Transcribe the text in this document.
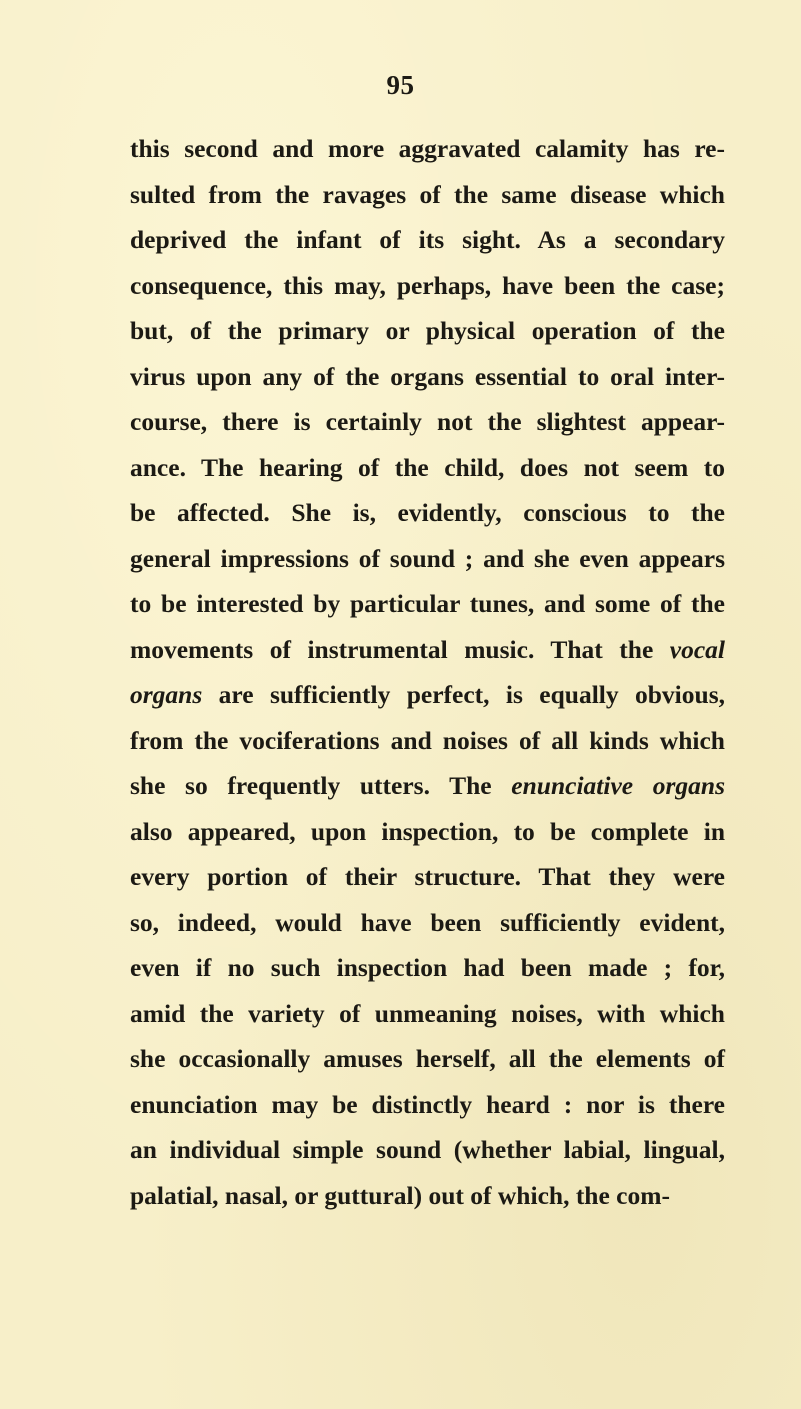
95
this second and more aggravated calamity has re-
sulted from the ravages of the same disease which
deprived the infant of its sight. As a secondary
consequence, this may, perhaps, have been the case;
but, of the primary or physical operation of the
virus upon any of the organs essential to oral inter-
course, there is certainly not the slightest appear-
ance. The hearing of the child, does not seem to
be affected. She is, evidently, conscious to the
general impressions of sound ; and she even appears
to be interested by particular tunes, and some of the
movements of instrumental music. That the vocal
organs are sufficiently perfect, is equally obvious,
from the vociferations and noises of all kinds which
she so frequently utters. The enunciative organs
also appeared, upon inspection, to be complete in
every portion of their structure. That they were
so, indeed, would have been sufficiently evident,
even if no such inspection had been made ; for,
amid the variety of unmeaning noises, with which
she occasionally amuses herself, all the elements of
enunciation may be distinctly heard : nor is there
an individual simple sound (whether labial, lingual,
palatial, nasal, or guttural) out of which, the com-
